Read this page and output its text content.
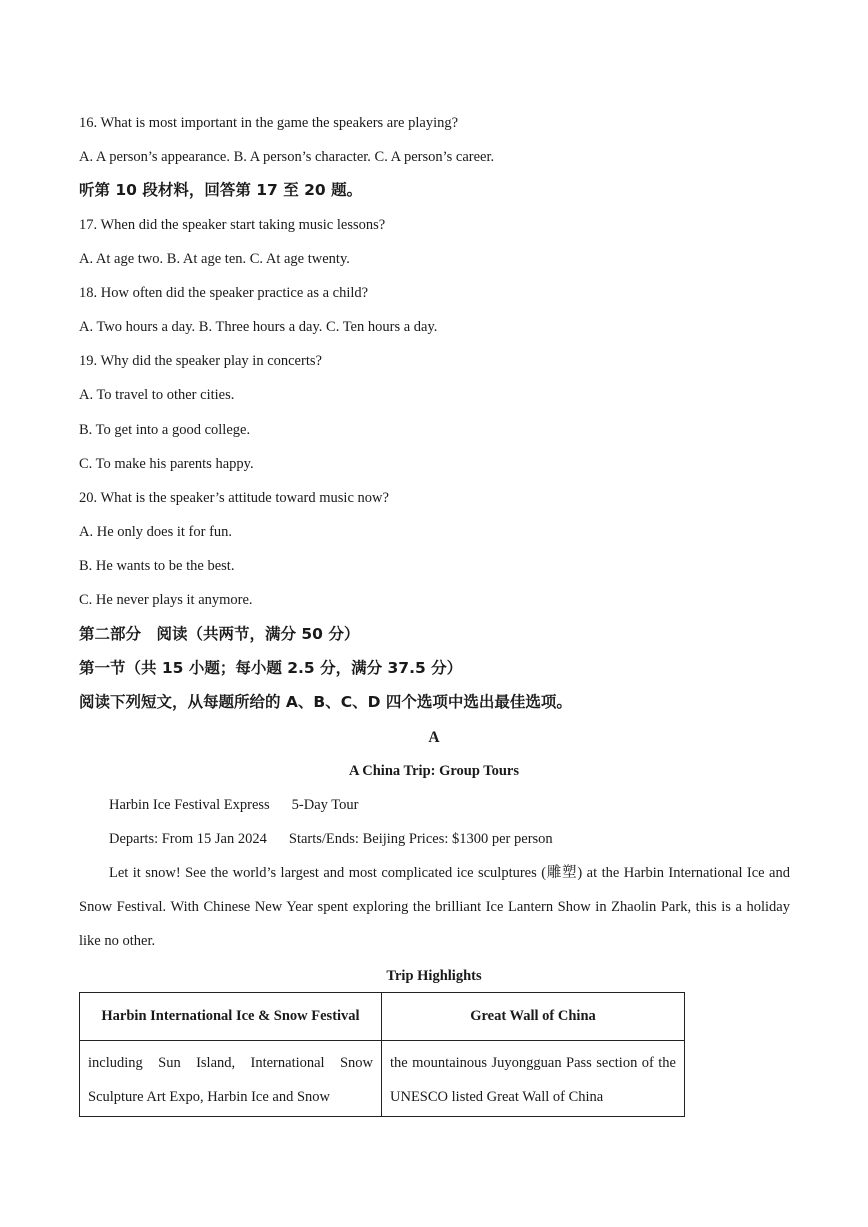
16. What is most important in the game the speakers are playing?
A. A person’s appearance. B. A person’s character. C. A person’s career.
听第 10 段材料，回答第 17 至 20 题。
17. When did the speaker start taking music lessons?
A. At age two. B. At age ten. C. At age twenty.
18. How often did the speaker practice as a child?
A. Two hours a day. B. Three hours a day. C. Ten hours a day.
19. Why did the speaker play in concerts?
A. To travel to other cities.
B. To get into a good college.
C. To make his parents happy.
20. What is the speaker’s attitude toward music now?
A. He only does it for fun.
B. He wants to be the best.
C. He never plays it anymore.
第二部分　阅读（共两节，满分 50 分）
第一节（共 15 小题；每小题 2.5 分，满分 37.5 分）
阅读下列短文，从每题所给的 A、B、C、D 四个选项中选出最佳选项。
A
A China Trip: Group Tours
Harbin Ice Festival Express 5-Day Tour
Departs: From 15 Jan 2024 Starts/Ends: Beijing Prices: $1300 per person
Let it snow! See the world’s largest and most complicated ice sculptures (雕塑) at the Harbin International Ice and Snow Festival. With Chinese New Year spent exploring the brilliant Ice Lantern Show in Zhaolin Park, this is a holiday like no other.
Trip Highlights
Harbin International Ice & Snow Festival	Great Wall of China
including Sun Island, International Snow Sculpture Art Expo, Harbin Ice and Snow	the mountainous Juyongguan Pass section of the UNESCO listed Great Wall of China
